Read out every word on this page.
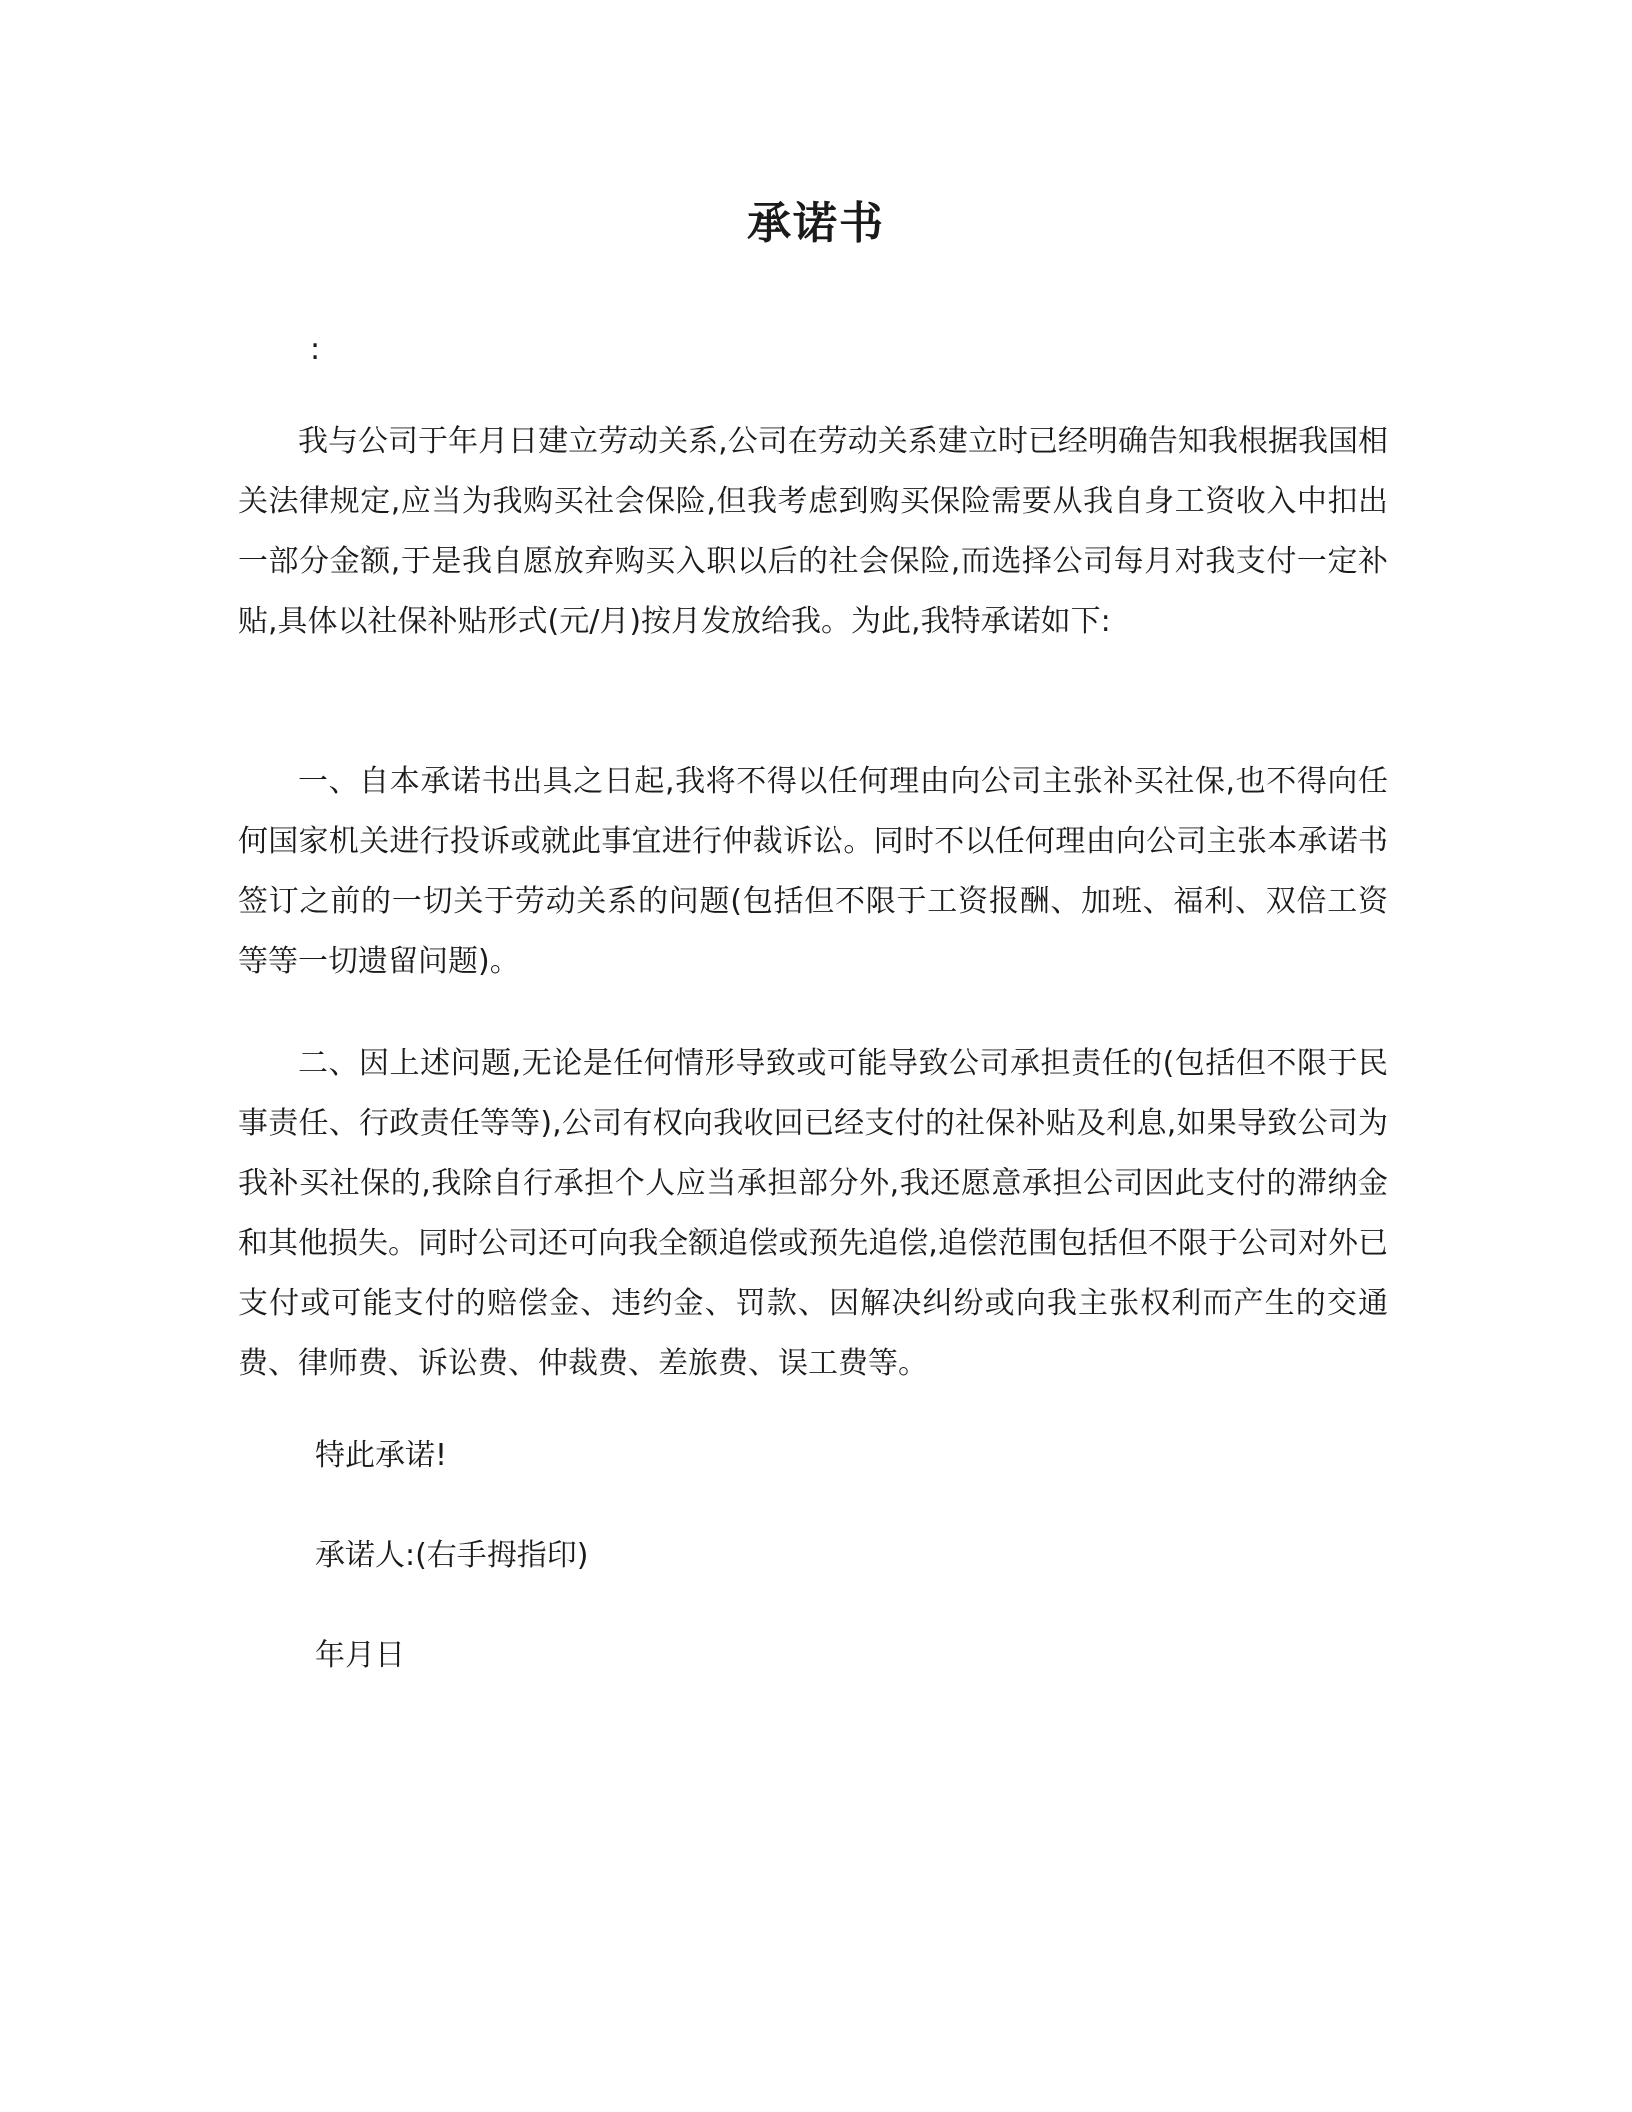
承诺书
:

我与公司于年月日建立劳动关系,公司在劳动关系建立时已经明确告知我根据我国相关法律规定,应当为我购买社会保险,但我考虑到购买保险需要从我自身工资收入中扣出一部分金额,于是我自愿放弃购买入职以后的社会保险,而选择公司每月对我支付一定补贴,具体以社保补贴形式(元/月)按月发放给我。为此,我特承诺如下:

一、自本承诺书出具之日起,我将不得以任何理由向公司主张补买社保,也不得向任何国家机关进行投诉或就此事宜进行仲裁诉讼。同时不以任何理由向公司主张本承诺书签订之前的一切关于劳动关系的问题(包括但不限于工资报酬、加班、福利、双倍工资等等一切遗留问题)。

二、因上述问题,无论是任何情形导致或可能导致公司承担责任的(包括但不限于民事责任、行政责任等等),公司有权向我收回已经支付的社保补贴及利息,如果导致公司为我补买社保的,我除自行承担个人应当承担部分外,我还愿意承担公司因此支付的滞纳金和其他损失。同时公司还可向我全额追偿或预先追偿,追偿范围包括但不限于公司对外已支付或可能支付的赔偿金、违约金、罚款、因解决纠纷或向我主张权利而产生的交通费、律师费、诉讼费、仲裁费、差旅费、误工费等。

特此承诺!
承诺人:(右手拇指印)
年月日
